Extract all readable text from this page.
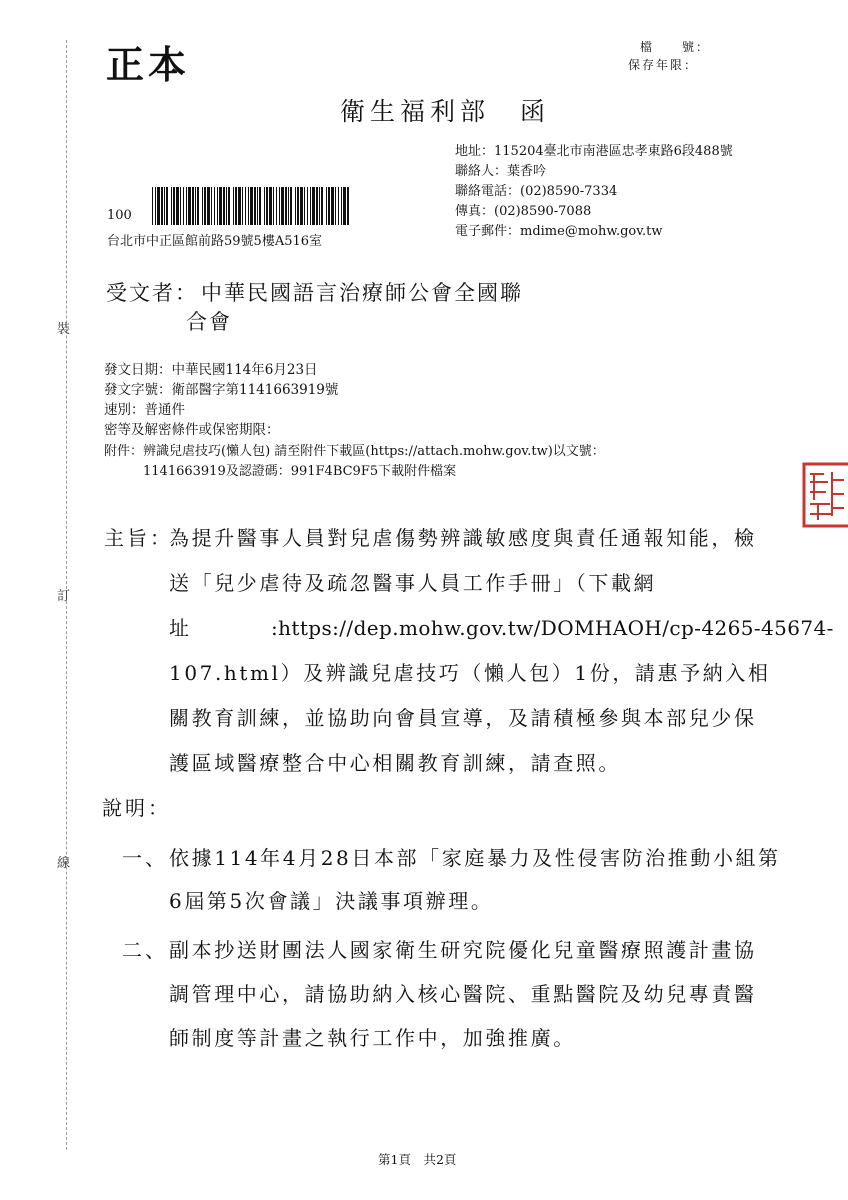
裝
訂
線
正本	檔　　號：
保存年限：
衛生福利部　函
地址：115204臺北市南港區忠孝東路6段488號
聯絡人：葉香吟
聯絡電話：(02)8590-7334
傳真：(02)8590-7088
電子郵件：mdime@mohw.gov.tw
100
台北市中正區館前路59號5樓A516室
受文者： 中華民國語言治療師公會全國聯
合會
發文日期：中華民國114年6月23日
發文字號：衛部醫字第1141663919號
速別：普通件
密等及解密條件或保密期限：
附件：辨識兒虐技巧(懶人包) 請至附件下載區(https://attach.mohw.gov.tw)以文號：
1141663919及認證碼：991F4BC9F5下載附件檔案
主旨：
為提升醫事人員對兒虐傷勢辨識敏感度與責任通報知能，檢
送「兒少虐待及疏忽醫事人員工作手冊」（下載網
址　　　　:https://dep.mohw.gov.tw/DOMHAOH/cp-4265-45674-
107.html）及辨識兒虐技巧（懶人包）1份，請惠予納入相
關教育訓練，並協助向會員宣導，及請積極參與本部兒少保
護區域醫療整合中心相關教育訓練，請查照。
說明：
一、 依據114年4月28日本部「家庭暴力及性侵害防治推動小組第
6屆第5次會議」決議事項辦理。
二、 副本抄送財團法人國家衛生研究院優化兒童醫療照護計畫協
調管理中心，請協助納入核心醫院、重點醫院及幼兒專責醫
師制度等計畫之執行工作中，加強推廣。
第1頁　共2頁
